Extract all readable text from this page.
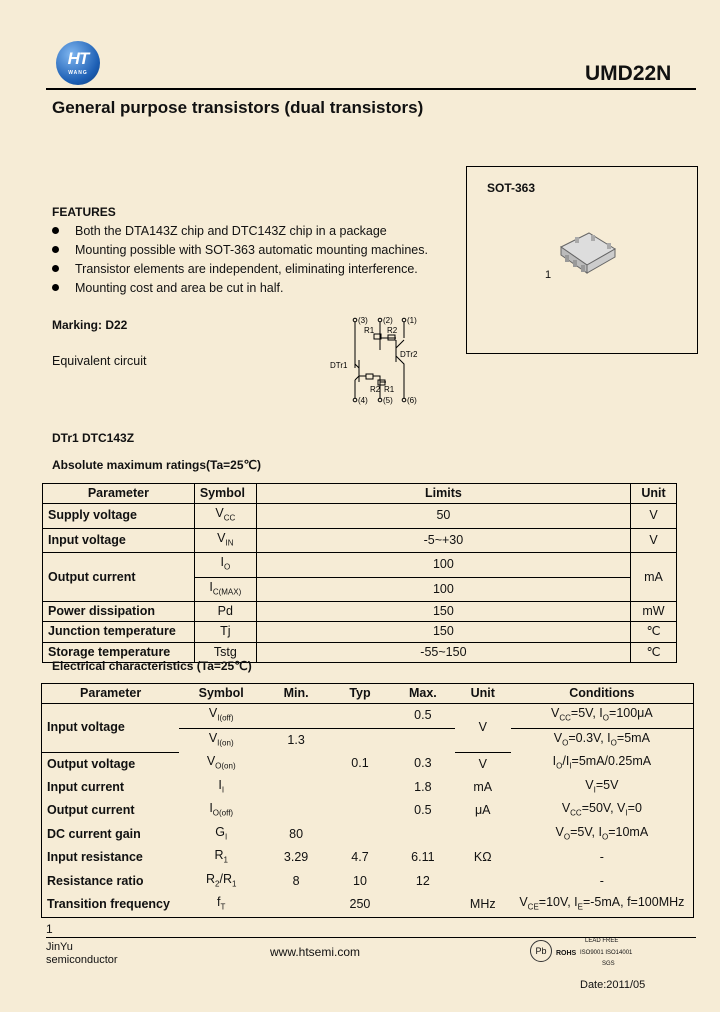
HT
WANG	UMD22N
General purpose transistors (dual transistors)
SOT-363
1
FEATURES
Both the DTA143Z chip and DTC143Z chip in a package
Mounting possible with SOT-363 automatic mounting machines.
Transistor elements are independent, eliminating interference.
Mounting cost and area be cut in half.
Marking: D22
Equivalent circuit
(3) (2) (1)
R1 R2
DTr2
DTr1
R2 R1
(4) (5) (6)
DTr1 DTC143Z
Absolute maximum ratings(Ta=25℃)
Parameter	Symbol	Limits	Unit
Supply voltage	$V_{CC}$	50	V
Input voltage	$V_{IN}$	-5~+30	V
Output current	$I_O$	100	mA
	$I_{C(MAX)}$	100	
Power dissipation	Pd	150	mW
Junction temperature	Tj	150	℃
Storage temperature	Tstg	-55~150	℃
Electrical characteristics (Ta=25℃)
Parameter	Symbol	Min.	Typ	Max.	Unit	Conditions
Input voltage	$V_{I(off)}$			0.5	V	$V_{CC}=5V$, $I_O=100\mu A$
	$V_{I(on)}$	1.3				$V_O=0.3V$, $I_O=5mA$
Output voltage	$V_{O(on)}$		0.1	0.3	V	$I_O/I_I=5mA/0.25mA$
Input current	$I_I$			1.8	mA	$V_I=5V$
Output current	$I_{O(off)}$			0.5	μA	$V_{CC}=50V$, $V_I=0$
DC current gain	$G_I$	80				$V_O=5V$, $I_O=10mA$
Input resistance	$R_1$	3.29	4.7	6.11	KΩ	-
Resistance ratio	$R_2/R_1$	8	10	12		-
Transition frequency	$f_T$		250		MHz	$V_{CE}=10V$, $I_E=-5mA$, f=100MHz
1
JinYu
semiconductor
www.htsemi.com	Pb
LEAD FREE
ROHS ISO9001 ISO14001
SGS
Date:2011/05
